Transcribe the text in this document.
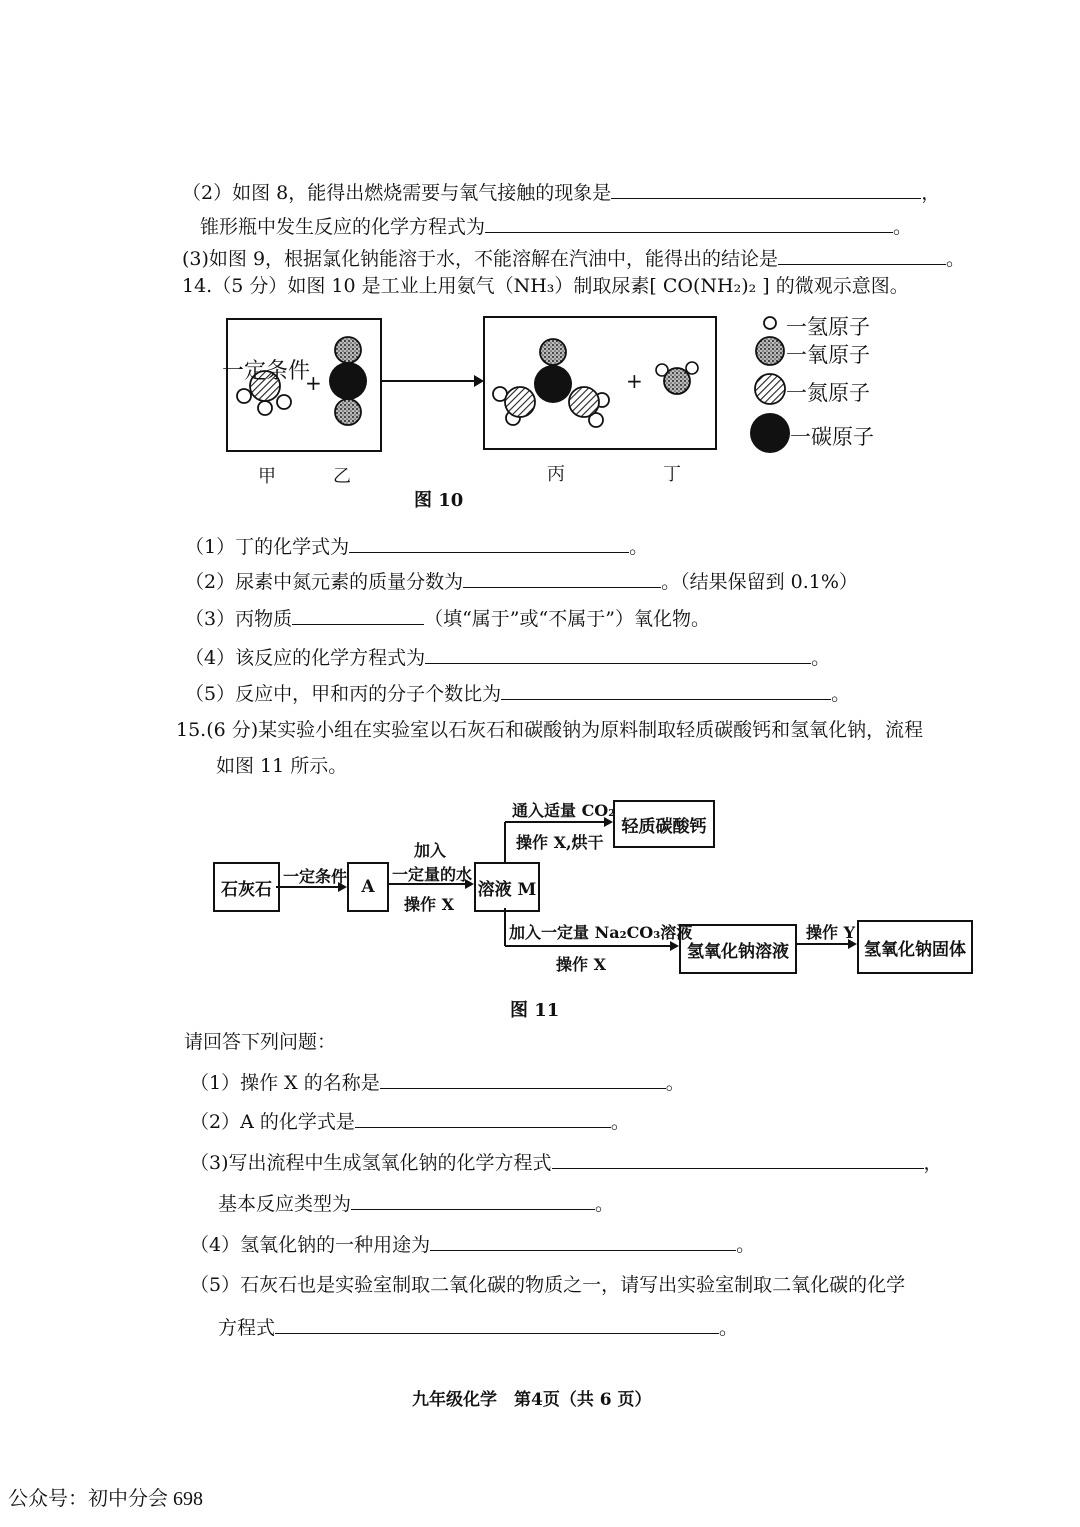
（2）如图 8，能得出燃烧需要与氧气接触的现象是	，
锥形瓶中发生反应的化学方程式为	。
(3)如图 9，根据氯化钠能溶于水，不能溶解在汽油中，能得出的结论是	。
14.（5 分）如图 10 是工业上用氨气（NH₃）制取尿素[ CO(NH₂)₂ ] 的微观示意图。
+	+
一定条件
甲	乙	丙	丁
图 10
一氢原子
一氧原子
一氮原子
一碳原子
（1）丁的化学式为	。
（2）尿素中氮元素的质量分数为	。（结果保留到 0.1%）
（3）丙物质	（填“属于”或“不属于”）氧化物。
（4）该反应的化学方程式为	。
（5）反应中，甲和丙的分子个数比为	。
15.(6 分)某实验小组在实验室以石灰石和碳酸钠为原料制取轻质碳酸钙和氢氧化钠，流程
如图 11 所示。
石灰石	A	溶液 M
轻质碳酸钙
氢氧化钠溶液	氢氧化钠固体
一定条件
加入
一定量的水
操作 X
通入适量 CO₂
操作 X,烘干
加入一定量 Na₂CO₃溶液
操作 X
操作 Y
图 11
请回答下列问题：
（1）操作 X 的名称是	。
（2）A 的化学式是	。
（3)写出流程中生成氢氧化钠的化学方程式	，
基本反应类型为	。
（4）氢氧化钠的一种用途为	。
（5）石灰石也是实验室制取二氧化碳的物质之一，请写出实验室制取二氧化碳的化学
方程式	。
九年级化学　第4页（共 6 页）
公众号：初中分会 698
